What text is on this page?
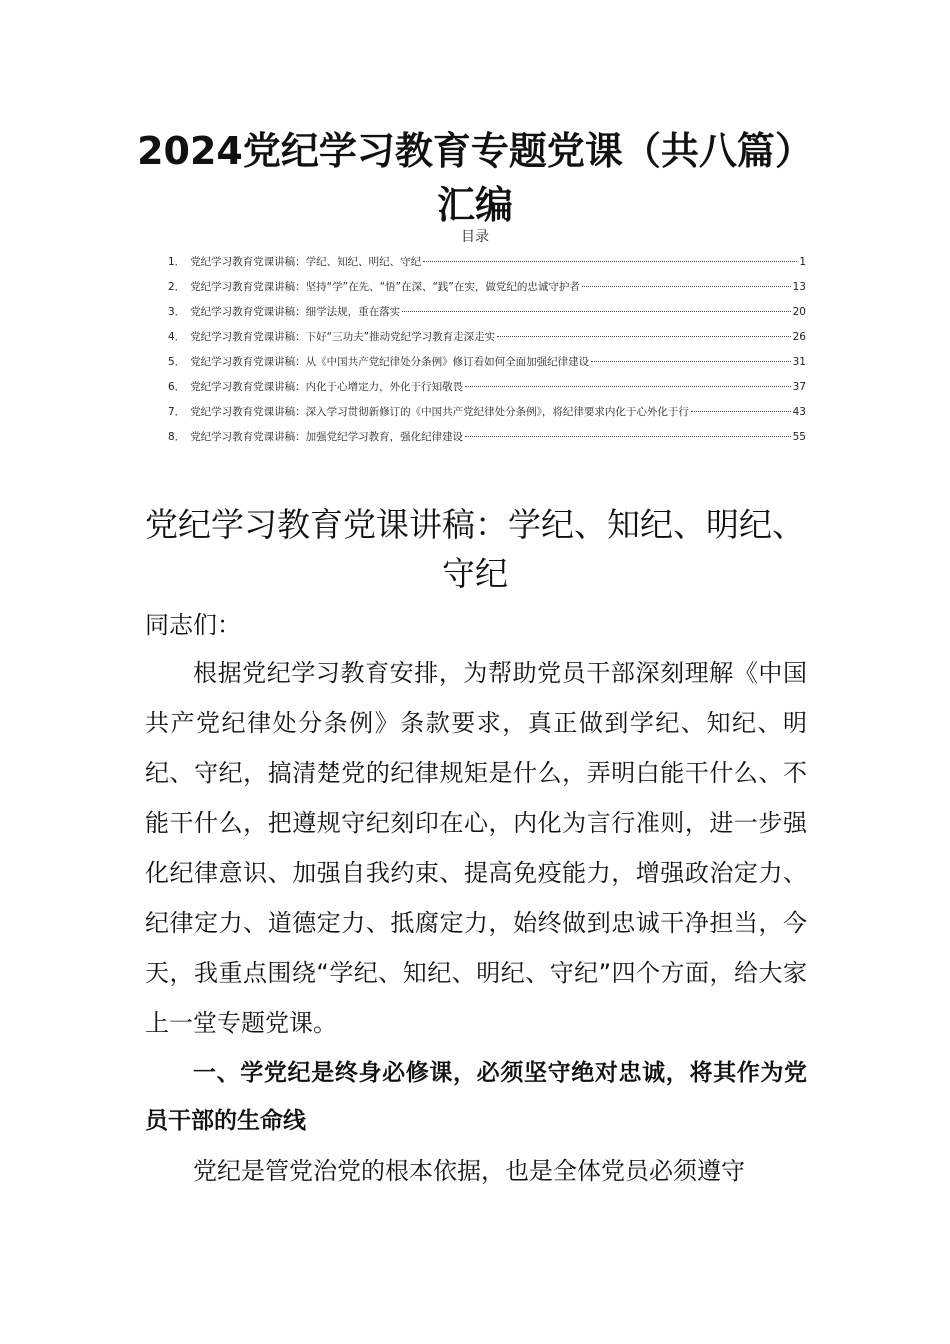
2024党纪学习教育专题党课（共八篇）汇编
目录
1． 党纪学习教育党课讲稿：学纪、知纪、明纪、守纪	1
2． 党纪学习教育党课讲稿：坚持“学”在先、“悟”在深、“践”在实，做党纪的忠诚守护者	13
3． 党纪学习教育党课讲稿：细学法规，重在落实	20
4． 党纪学习教育党课讲稿：下好“三功夫”推动党纪学习教育走深走实	26
5． 党纪学习教育党课讲稿：从《中国共产党纪律处分条例》修订看如何全面加强纪律建设	31
6． 党纪学习教育党课讲稿：内化于心增定力，外化于行知敬畏	37
7． 党纪学习教育党课讲稿：深入学习贯彻新修订的《中国共产党纪律处分条例》，将纪律要求内化于心外化于行	43
8． 党纪学习教育党课讲稿：加强党纪学习教育，强化纪律建设	55
党纪学习教育党课讲稿：学纪、知纪、明纪、守纪

同志们：

根据党纪学习教育安排，为帮助党员干部深刻理解《中国共产党纪律处分条例》条款要求，真正做到学纪、知纪、明纪、守纪，搞清楚党的纪律规矩是什么，弄明白能干什么、不能干什么，把遵规守纪刻印在心，内化为言行准则，进一步强化纪律意识、加强自我约束、提高免疫能力，增强政治定力、纪律定力、道德定力、抵腐定力，始终做到忠诚干净担当，今天，我重点围绕“学纪、知纪、明纪、守纪”四个方面，给大家上一堂专题党课。

一、学党纪是终身必修课，必须坚守绝对忠诚，将其作为党员干部的生命线

党纪是管党治党的根本依据，也是全体党员必须遵守
